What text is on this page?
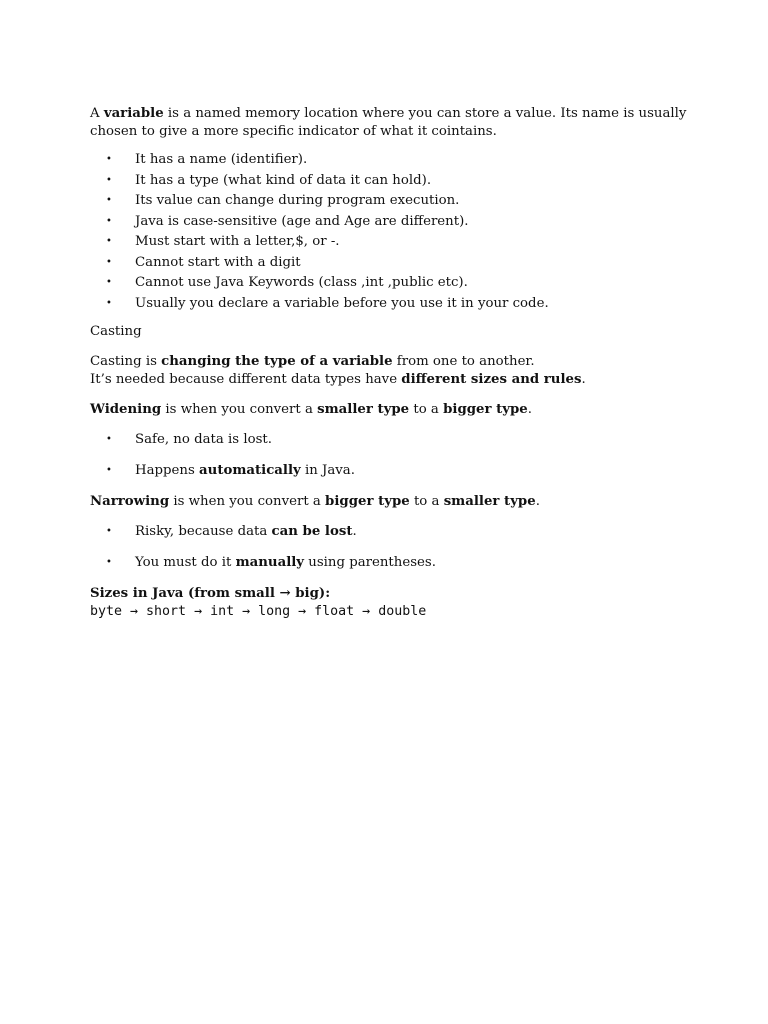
A variable is a named memory location where you can store a value. Its name is usually chosen to give a more specific indicator of what it cointains.

• It has a name (identifier).
• It has a type (what kind of data it can hold).
• Its value can change during program execution.
• Java is case-sensitive (age and Age are different).
• Must start with a letter,$, or -.
• Cannot start with a digit
• Cannot use Java Keywords (class ,int ,public etc).
• Usually you declare a variable before you use it in your code.

Casting

Casting is changing the type of a variable from one to another.
It’s needed because different data types have different sizes and rules.

Widening is when you convert a smaller type to a bigger type.

• Safe, no data is lost.
• Happens automatically in Java.

Narrowing is when you convert a bigger type to a smaller type.

• Risky, because data can be lost.
• You must do it manually using parentheses.
Sizes in Java (from small → big):
byte → short → int → long → float → double
